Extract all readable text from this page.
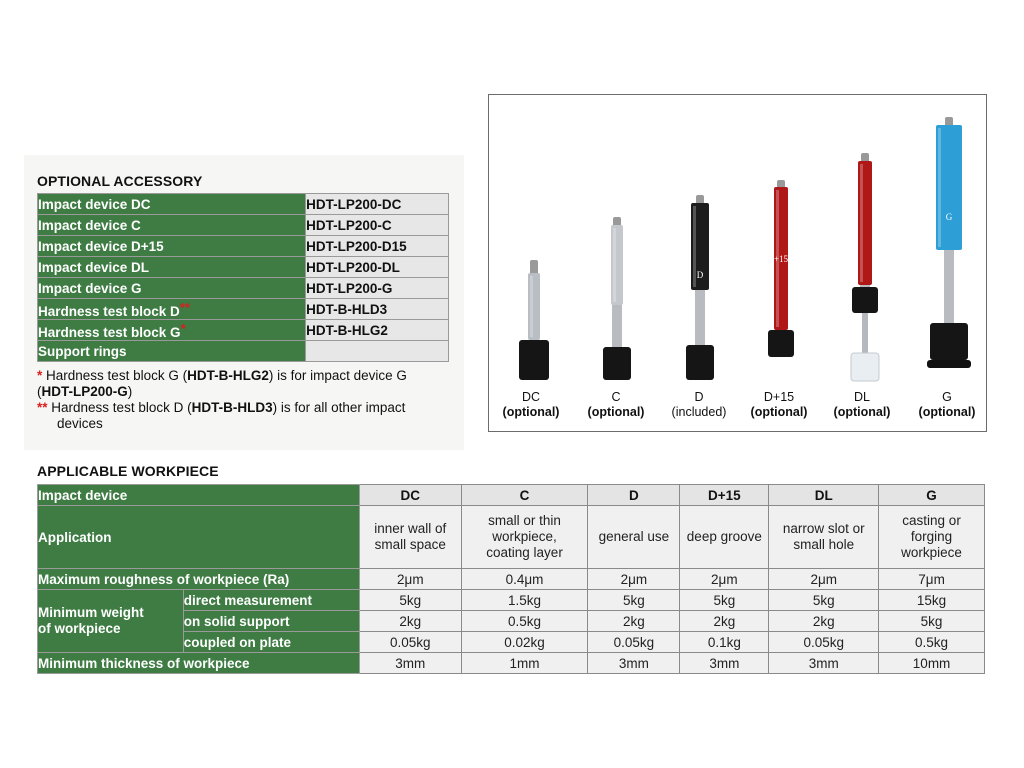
OPTIONAL ACCESSORY
Impact device DC	HDT-LP200-DC
Impact device C	HDT-LP200-C
Impact device D+15	HDT-LP200-D15
Impact device DL	HDT-LP200-DL
Impact device G	HDT-LP200-G
Hardness test block D**	HDT-B-HLD3
Hardness test block G*	HDT-B-HLG2
Support rings	

* Hardness test block G (HDT-B-HLG2) is for impact device G

(HDT-LP200-G)

** Hardness test block D (HDT-B-HLD3) is for all other impact

devices

D
+15
G
DC
(optional)
C
(optional)
D
(included)
D+15
(optional)
DL
(optional)
G
(optional)
APPLICABLE WORKPIECE
Impact device		DC	C	D	D+15	DL	G
Application		inner wall of small space	small or thin workpiece, coating layer	general use	deep groove	narrow slot or small hole	casting or forging workpiece

Maximum roughness of workpiece (Ra)		2μm	0.4μm	2μm	2μm	2μm	7μm

Minimum weight of workpiece	direct measurement	5kg	1.5kg	5kg	5kg	5kg	15kg
	on solid support	2kg	0.5kg	2kg	2kg	2kg	5kg
	coupled on plate	0.05kg	0.02kg	0.05kg	0.1kg	0.05kg	0.5kg
Minimum thickness of workpiece		3mm	1mm	3mm	3mm	3mm	10mm
